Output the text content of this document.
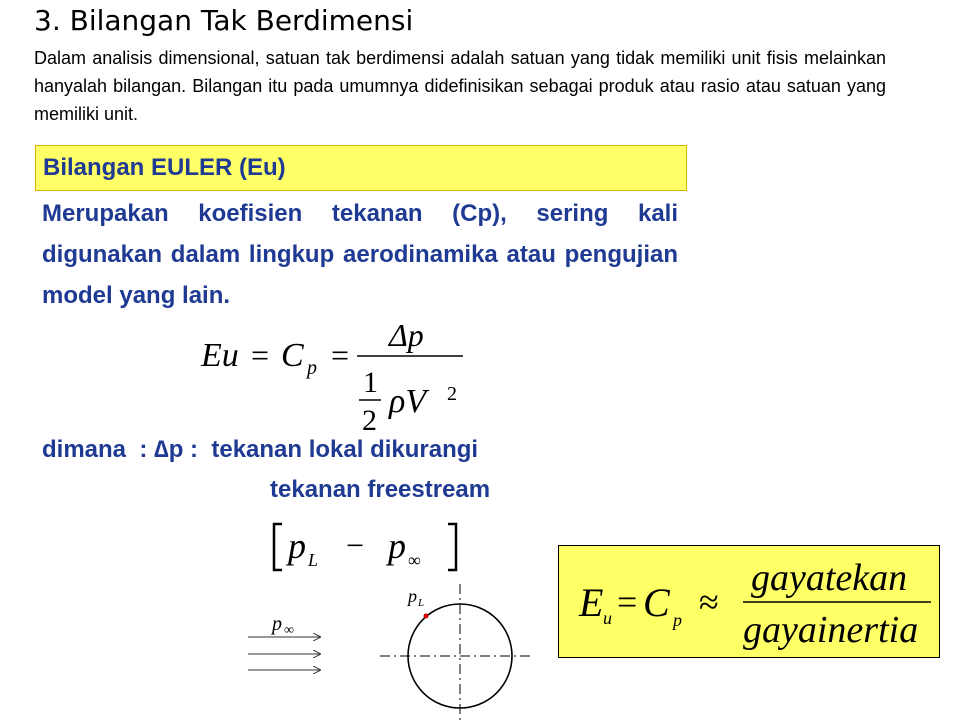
3. Bilangan Tak Berdimensi

Dalam analisis dimensional, satuan tak berdimensi adalah satuan yang tidak memiliki unit fisis melainkan hanyalah bilangan. Bilangan itu pada umumnya didefinisikan sebagai produk atau rasio atau satuan yang memiliki unit.

Bilangan EULER (Eu)

Merupakan koefisien tekanan (Cp), sering kali digunakan dalam lingkup aerodinamika atau pengujian model yang lain.

Eu = C p =
Δp
1
2
ρV 2
dimana  : ∆p :  tekanan lokal dikurangi
tekanan freestream
p L − p ∞
p ∞
p L	E u = C p ≈
gayatekan
gayainertia
